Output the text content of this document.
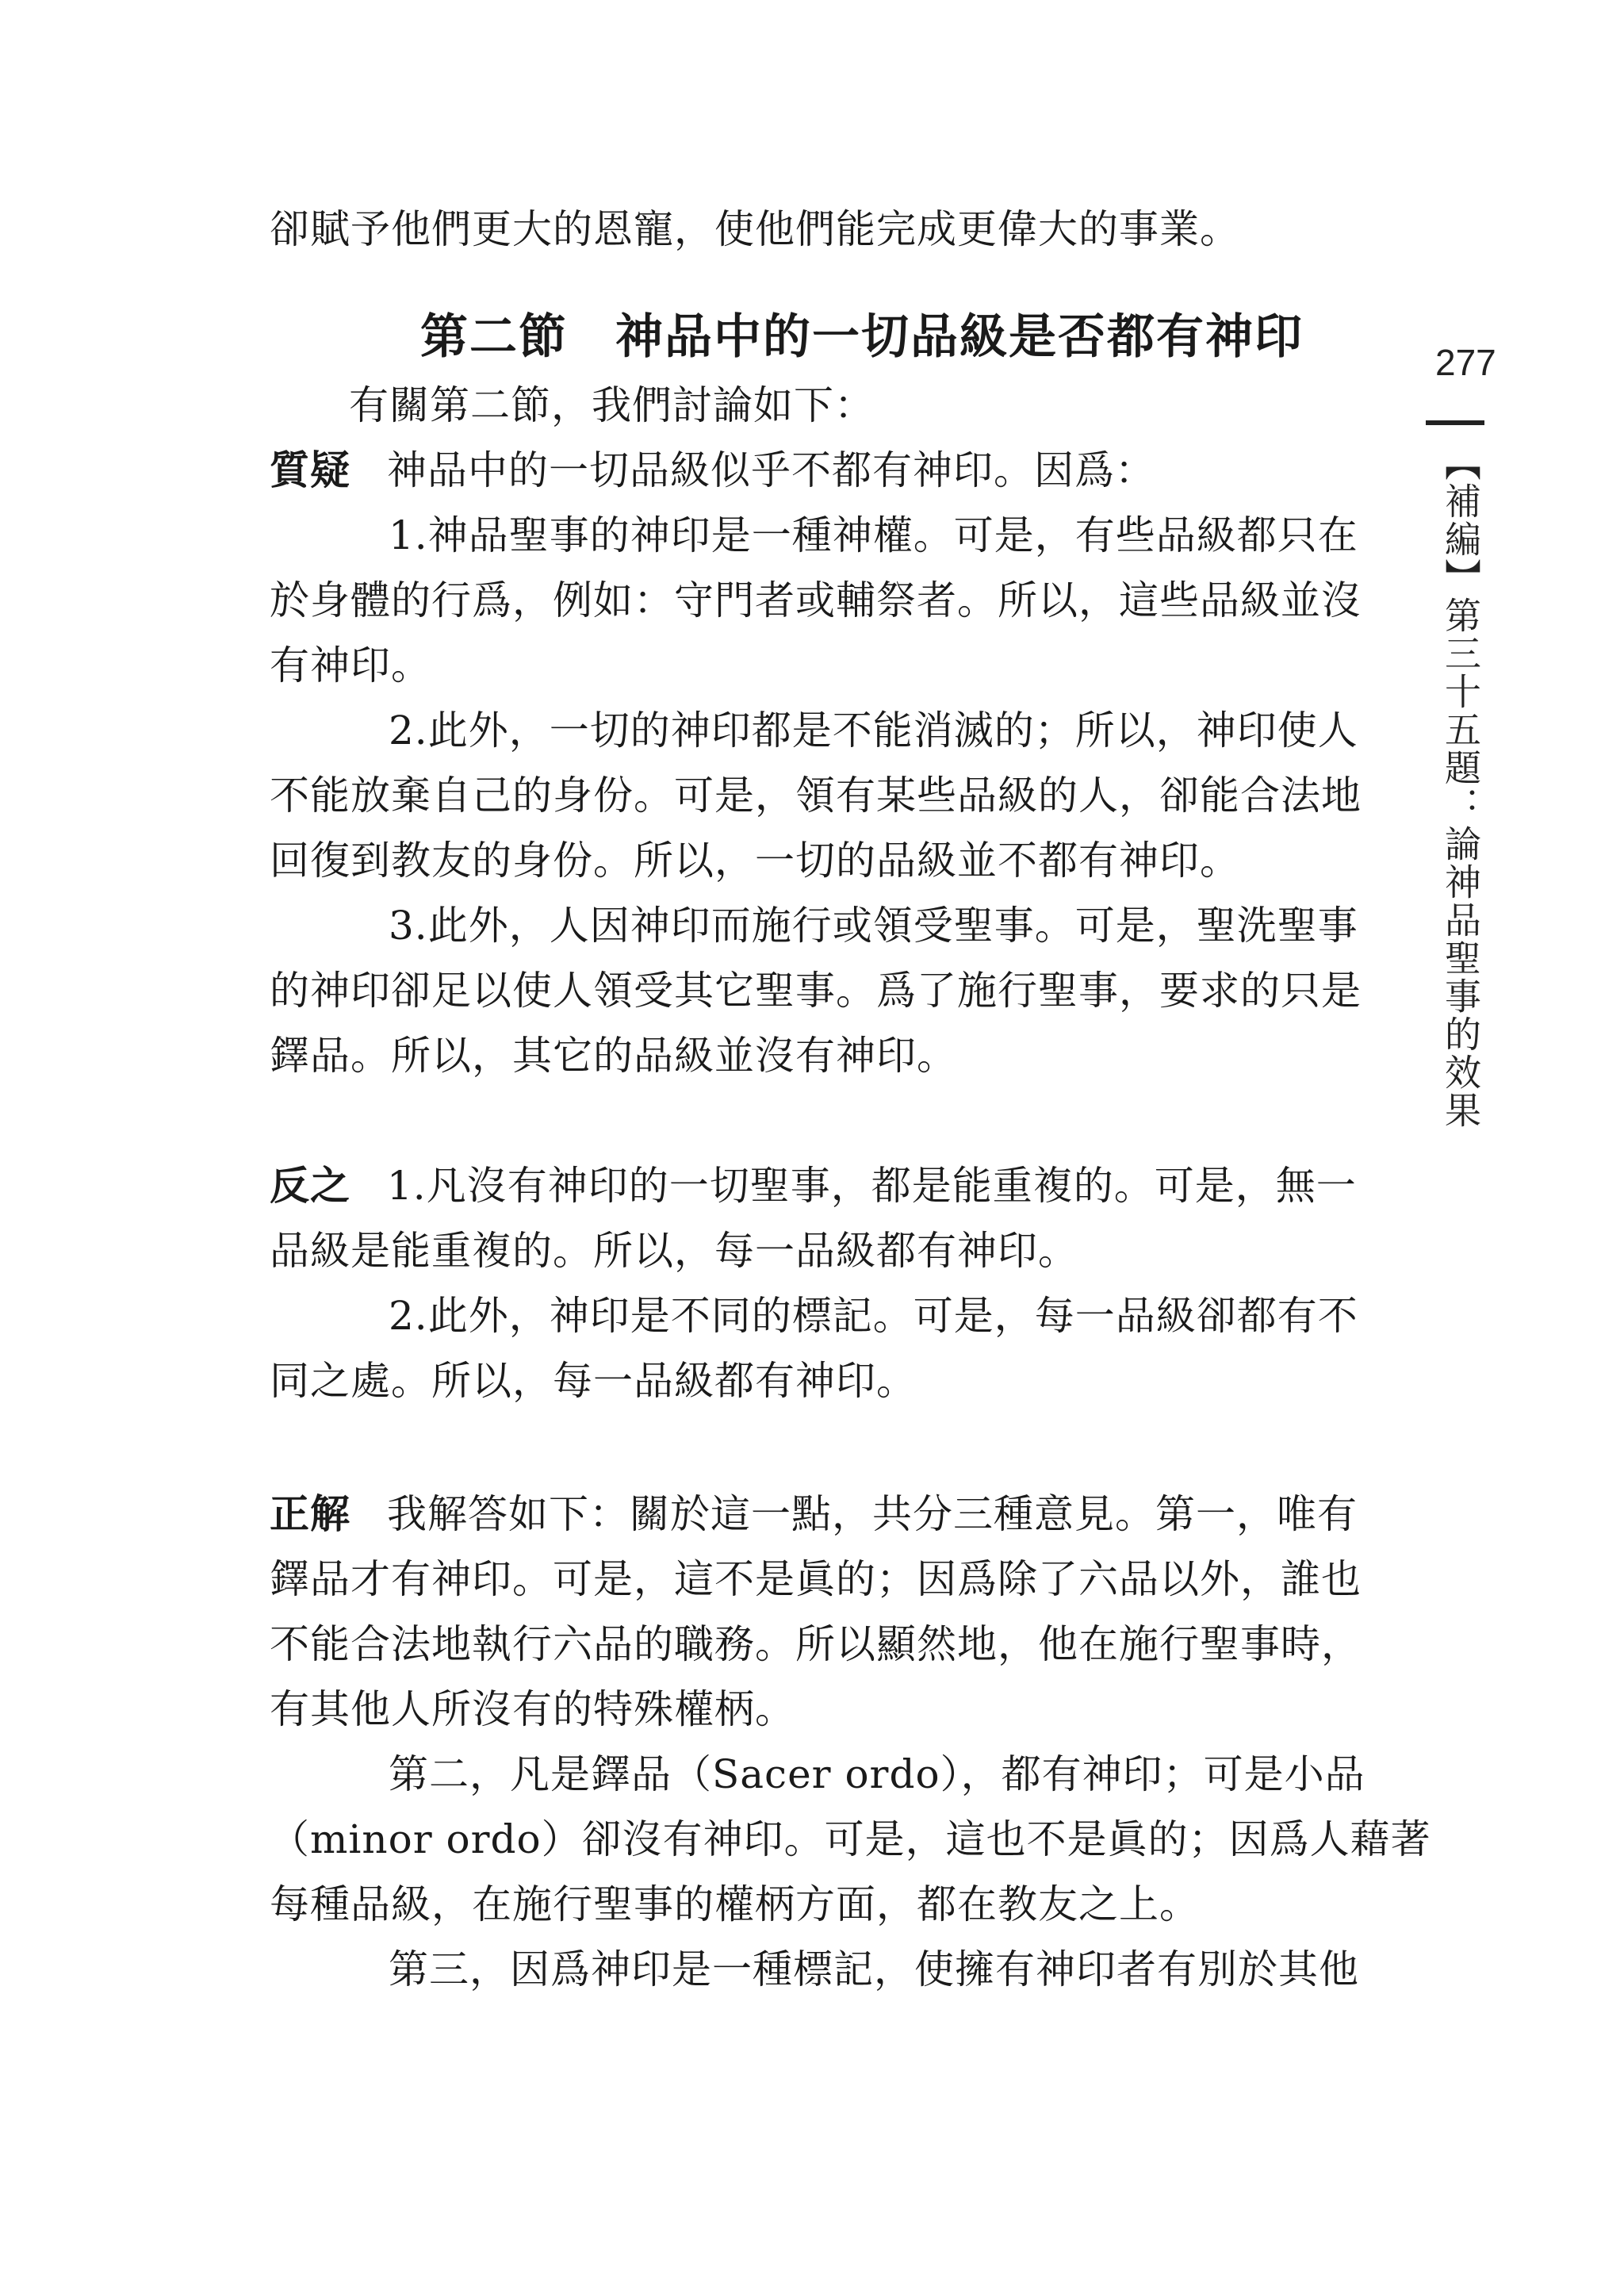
277
【補編】第三十五題：論神品聖事的效果
卻賦予他們更大的恩寵，使他們能完成更偉大的事業。
第二節 神品中的一切品級是否都有神印
有關第二節，我們討論如下：
質疑 神品中的一切品級似乎不都有神印。因爲：
1.神品聖事的神印是一種神權。可是，有些品級都只在
於身體的行爲，例如：守門者或輔祭者。所以，這些品級並沒
有神印。
2.此外，一切的神印都是不能消滅的；所以，神印使人
不能放棄自己的身份。可是，領有某些品級的人，卻能合法地
回復到教友的身份。所以，一切的品級並不都有神印。
3.此外，人因神印而施行或領受聖事。可是，聖洗聖事
的神印卻足以使人領受其它聖事。爲了施行聖事，要求的只是
鐸品。所以，其它的品級並沒有神印。
反之 1.凡沒有神印的一切聖事，都是能重複的。可是，無一
品級是能重複的。所以，每一品級都有神印。
2.此外，神印是不同的標記。可是，每一品級卻都有不
同之處。所以，每一品級都有神印。
正解 我解答如下：關於這一點，共分三種意見。第一，唯有
鐸品才有神印。可是，這不是眞的；因爲除了六品以外，誰也
不能合法地執行六品的職務。所以顯然地，他在施行聖事時，
有其他人所沒有的特殊權柄。
第二，凡是鐸品（Sacer ordo），都有神印；可是小品
（minor ordo）卻沒有神印。可是，這也不是眞的；因爲人藉著
每種品級，在施行聖事的權柄方面，都在教友之上。
第三，因爲神印是一種標記，使擁有神印者有別於其他
